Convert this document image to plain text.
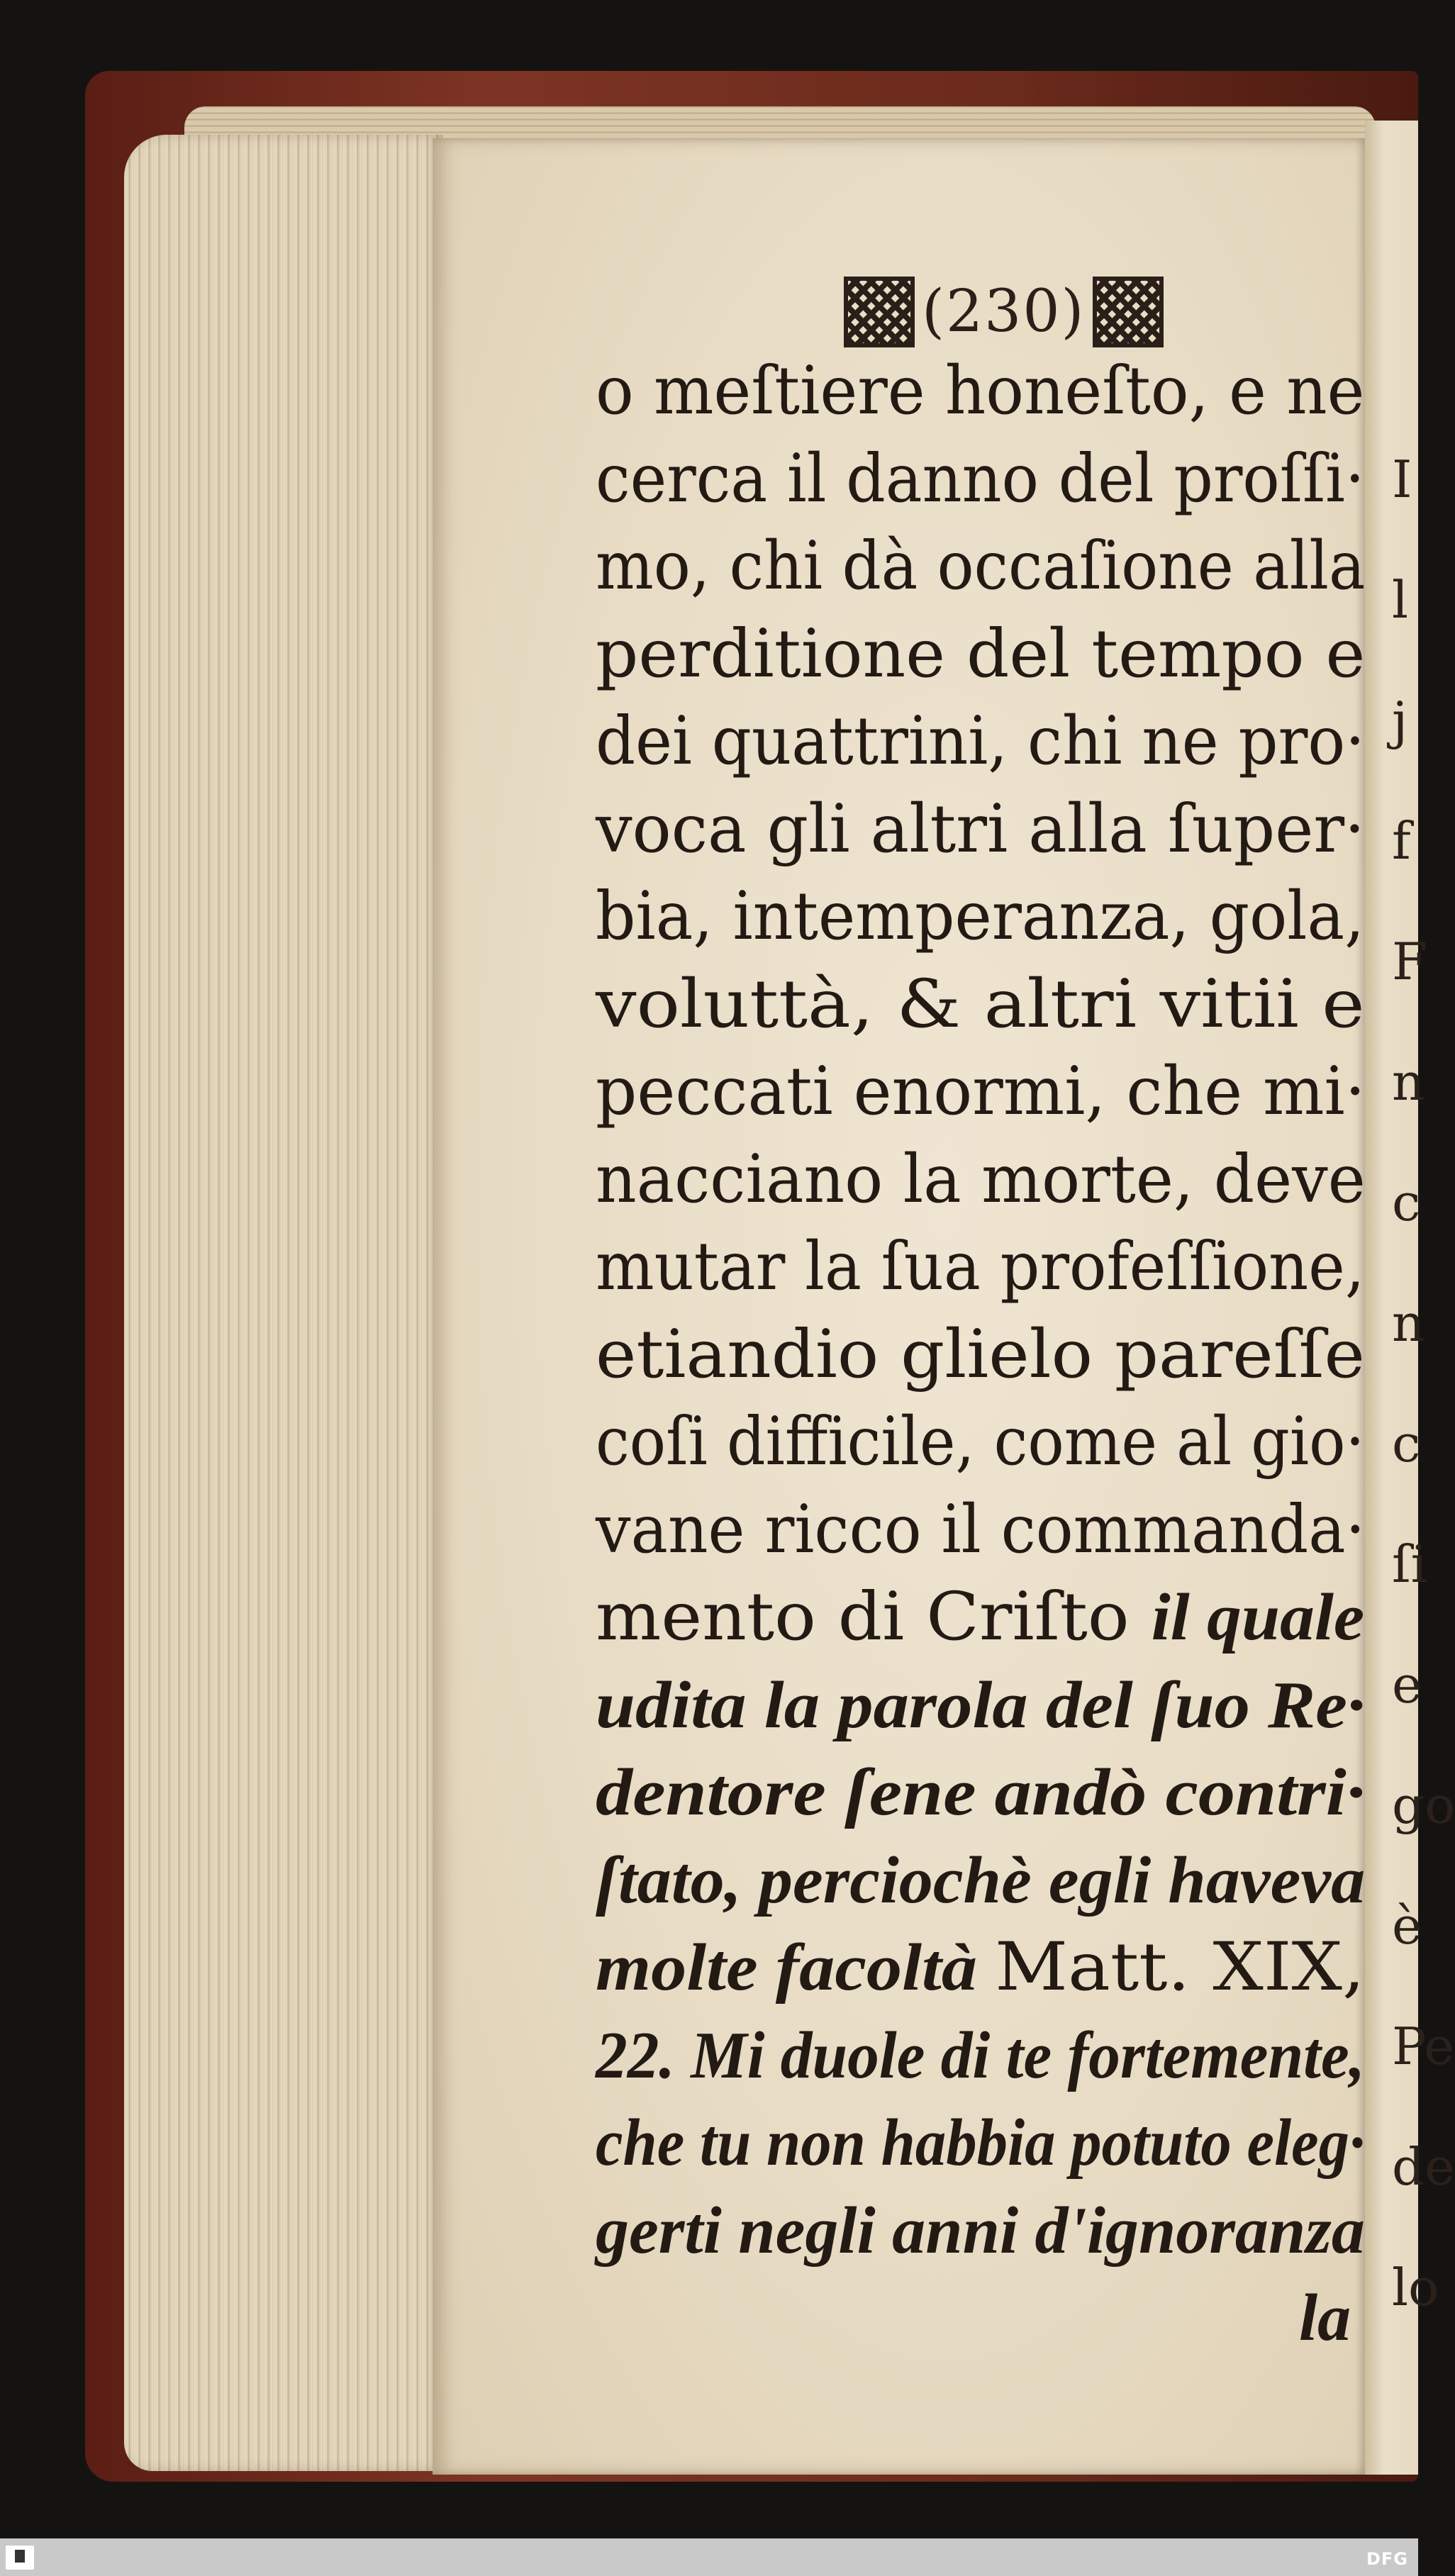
(230)
o meſtiere honeſto, e ne
cerca il danno del proſſi·
mo, chi dà occaſione alla
perditione del tempo e
dei quattrini, chi ne pro·
voca gli altri alla ſuper·
bia, intemperanza, gola,
voluttà, & altri vitii e
peccati enormi, che mi·
nacciano la morte, deve
mutar la ſua profeſſione,
etiandio glielo pareſſe
coſi difficile, come al gio·
vane ricco il commanda·
mento di Criſto il quale
udita la parola del ſuo Re·
dentore ſene andò contri·
ſtato, perciochè egli haveva
molte facoltà Matt. XIX,
22. Mi duole di te fortemente,
che tu non habbia potuto eleg·
gerti negli anni d'ignoranza
la
I
l
j
f
F
n
c
n
c
ſi
e
go
è
Pe
de
lo
DFG
